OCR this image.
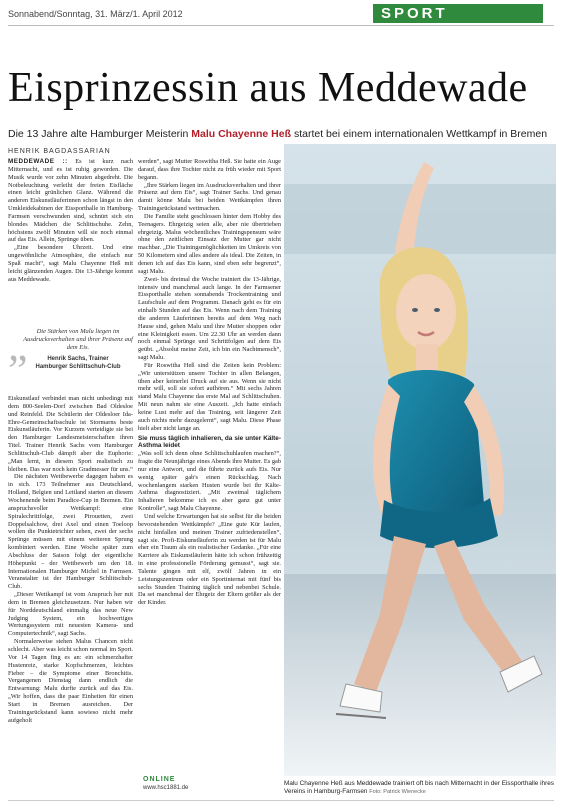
Sonnabend/Sonntag, 31. März/1. April 2012	SPORT
Eisprinzessin aus Meddewade
Die 13 Jahre alte Hamburger Meisterin Malu Chayenne Heß startet bei einem internationalen Wettkampf in Bremen
HENRIK BAGDASSARIAN

MEDDEWADE :: Es ist kurz nach Mitternacht, und es ist ruhig geworden. Die Musik wurde vor zehn Minuten abgedreht. Die Notbeleuchtung verleiht der freien Eisfläche einen leicht grünlichen Glanz. Während die anderen Eiskunstläuferinnen schon längst in den Umkleidekabinen der Eissporthalle in Hamburg-Farmsen verschwunden sind, schnürt sich ein blondes Mädchen die Schlittschuhe. Zehn, höchstens zwölf Minuten will sie noch einmal auf das Eis. Allein, Sprünge üben.

„Eine besondere Uhrzeit. Und eine ungewöhnliche Atmosphäre, die einfach nur Spaß macht“, sagt Malu Chayenne Heß mit leicht glänzenden Augen. Die 13-Jährige kommt aus Meddewade.

„	Die Stärken von Malu liegen im Ausdrucksverhalten und ihrer Präsenz auf dem Eis.
Henrik Sachs, Trainer
Hamburger Schlittschuh-Club

Eiskunstlauf verbindet man nicht unbedingt mit dem 800-Seelen-Dorf zwischen Bad Oldesloe und Reinfeld. Die Schülerin der Oldesloer Ida-Ehre-Gemeinschaftsschule ist Stormarns beste Eiskunstläuferin. Vor Kurzem verteidigte sie bei den Hamburger Landesmeisterschaften ihren Titel. Trainer Henrik Sachs vom Hamburger Schlittschuh-Club dämpft aber die Euphorie: „Man lernt, in diesem Sport realistisch zu bleiben. Das war noch kein Gradmesser für uns.“

Die nächsten Wettbewerbe dagegen haben es in sich. 173 Teilnehmer aus Deutschland, Holland, Belgien und Lettland starten an diesem Wochenende beim Paradice-Cup in Bremen. Ein anspruchsvoller Wettkampf: eine Spiralechrittfolge, zwei Pirouetten, zwei Doppelsalchow, drei Axel und einen Toeloop wollen die Punktetrichter sehen, zwei der sechs Sprünge müssen mit einem weiteren Sprung kombiniert werden. Eine Woche später zum Abschluss der Saison folgt der eigentliche Höhepunkt – der Wettbewerb um den 18. Internationalen Hamburger Michel in Farmsen. Veranstalter ist der Hamburger Schlittschuh-Club.

„Dieser Wettkampf ist vom Anspruch her mit dem in Bremen gleichzusetzen. Nur haben wir für Norddeutschland einmalig das neue New Judging System, ein hochwertiges Wertungssystem mit neuesten Kamera- und Computertechnik“, sagt Sachs.

Normalerweise stehen Malus Chancen nicht schlecht. Aber was leicht schon normal im Sport. Vor 14 Tagen fing es an: ein schmerzhafter Hustenreiz, starke Kopfschmerzen, leichtes Fieber – die Symptome einer Bronchitis. Vergangenen Dienstag dann endlich die Entwarnung: Malu durfte zurück auf das Eis. „Wir hoffen, dass die paar Einheiten für einen Start in Bremen ausreichen. Der Trainingsrückstand kann sowieso nicht mehr aufgeholt

werden“, sagt Mutter Roswitha Heß. Sie hatte ein Auge darauf, dass ihre Tochter nicht zu früh wieder mit Sport begann.

„Ihre Stärken liegen im Ausdrucksverhalten und ihrer Präsenz auf dem Eis“, sagt Trainer Sachs. Und genau damit könne Malu bei beiden Wettkämpfen ihren Trainingsrückstand wettmachen.

Die Familie steht geschlossen hinter dem Hobby des Teenagers. Ehrgeizig seien alle, aber nie übertrieben ehrgeizig. Malus wöchentliches Trainingspensum wäre ohne den zeitlichen Einsatz der Mutter gar nicht machbar. „Die Trainingsmöglichkeiten im Umkreis von 50 Kilometern sind alles andere als ideal. Die Zeiten, in denen ich auf das Eis kann, sind eben sehr begrenzt“, sagt Malu.

Zwei- bis dreimal die Woche trainiert die 13-Jährige, intensiv und manchmal auch lange. In der Farmsener Eissporthalle stehen sonnabends Trockentraining und Laufschule auf dem Programm. Danach geht es für ein einhalb Stunden auf das Eis. Wenn nach dem Training die anderen Läuferinnen bereits auf dem Weg nach Hause sind, gehen Malu und ihre Mutter shoppen oder eine Kleinigkeit essen. Um 22.30 Uhr an werden dann noch einmal Sprünge und Schrittfolgen auf dem Eis geübt. „Absolut meine Zeit, ich bin ein Nachtmensch“, sagt Malu.

Für Roswitha Heß sind die Zeiten kein Problem: „Wir unterstützen unsere Tochter in allen Belangen, üben aber keinerlei Druck auf sie aus. Wenn sie nicht mehr will, soll sie sofort aufhören.“ Mit sechs Jahren stand Malu Chayenne das erste Mal auf Schlittschuhen. Mit neun nahm sie eine Auszeit. „Ich hatte einfach keine Lust mehr auf das Training, seit längerer Zeit auch nichts mehr dazugelernt“, sagt Malu. Diese Phase hielt aber nicht lange an.

Sie muss täglich inhalieren, da sie unter Kälte-Asthma leidet

„Was soll ich denn ohne Schlittschuhlaufen machen?“, fragte die Neunjährige eines Abends ihre Mutter. Es gab nur eine Antwort, und die führte zurück aufs Eis. Nur wenig später gab's einen Rückschlag. Nach wochenlangem starken Husten wurde bei ihr Kälte-Asthma diagnostiziert. „Mit zweimal täglichem Inhalieren bekomme ich es aber ganz gut unter Kontrolle“, sagt Malu Chayenne.

Und welche Erwartungen hat sie selbst für die beiden bevorstehenden Wettkämpfe? „Eine gute Kür laufen, nicht hinfallen und meinen Trainer zufriedenstellen“, sagt sie. Profi-Eiskunstläuferin zu werden ist für Malu eher ein Traum als ein realistischer Gedanke. „Für eine Karriere als Eiskunstläuferin hätte ich schon frühzeitig in eine professionelle Förderung gemusst“, sagt sie. Talente gingen mit elf, zwölf Jahren in ein Leistungszentrum oder ein Sportinternat mit fünf bis sechs Stunden Training täglich und nebenbei Schule. Da sei manchmal der Ehrgeiz der Eltern größer als der der Kinder.

ONLINE
www.hsc1881.de
Malu Chayenne Heß aus Meddewade trainiert oft bis nach Mitternacht in der Eissporthalle ihres Vereins in Hamburg-Farmsen Foto: Patrick Wienecke
